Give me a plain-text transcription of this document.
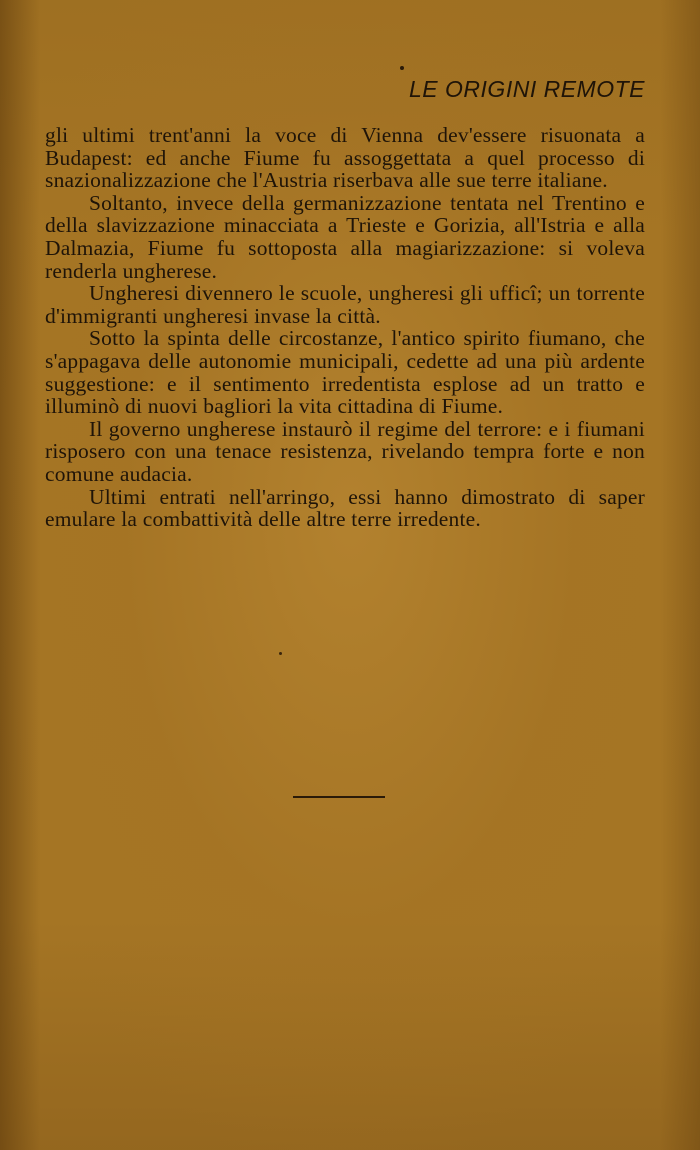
LE ORIGINI REMOTE

gli ultimi trent'anni la voce di Vienna dev'essere risuonata a Budapest: ed anche Fiume fu assoggettata a quel processo di snazionalizzazione che l'Austria riserbava alle sue terre italiane.

Soltanto, invece della germanizzazione tentata nel Trentino e della slavizzazione minacciata a Trieste e Gorizia, all'Istria e alla Dalmazia, Fiume fu sottoposta alla magiarizzazione: si voleva renderla ungherese.

Ungheresi divennero le scuole, ungheresi gli ufficî; un torrente d'immigranti ungheresi invase la città.

Sotto la spinta delle circostanze, l'antico spirito fiumano, che s'appagava delle autonomie municipali, cedette ad una più ardente suggestione: e il sentimento irredentista esplose ad un tratto e illuminò di nuovi bagliori la vita cittadina di Fiume.

Il governo ungherese instaurò il regime del terrore: e i fiumani risposero con una tenace resistenza, rivelando tempra forte e non comune audacia.

Ultimi entrati nell'arringo, essi hanno dimostrato di saper emulare la combattività delle altre terre irredente.
